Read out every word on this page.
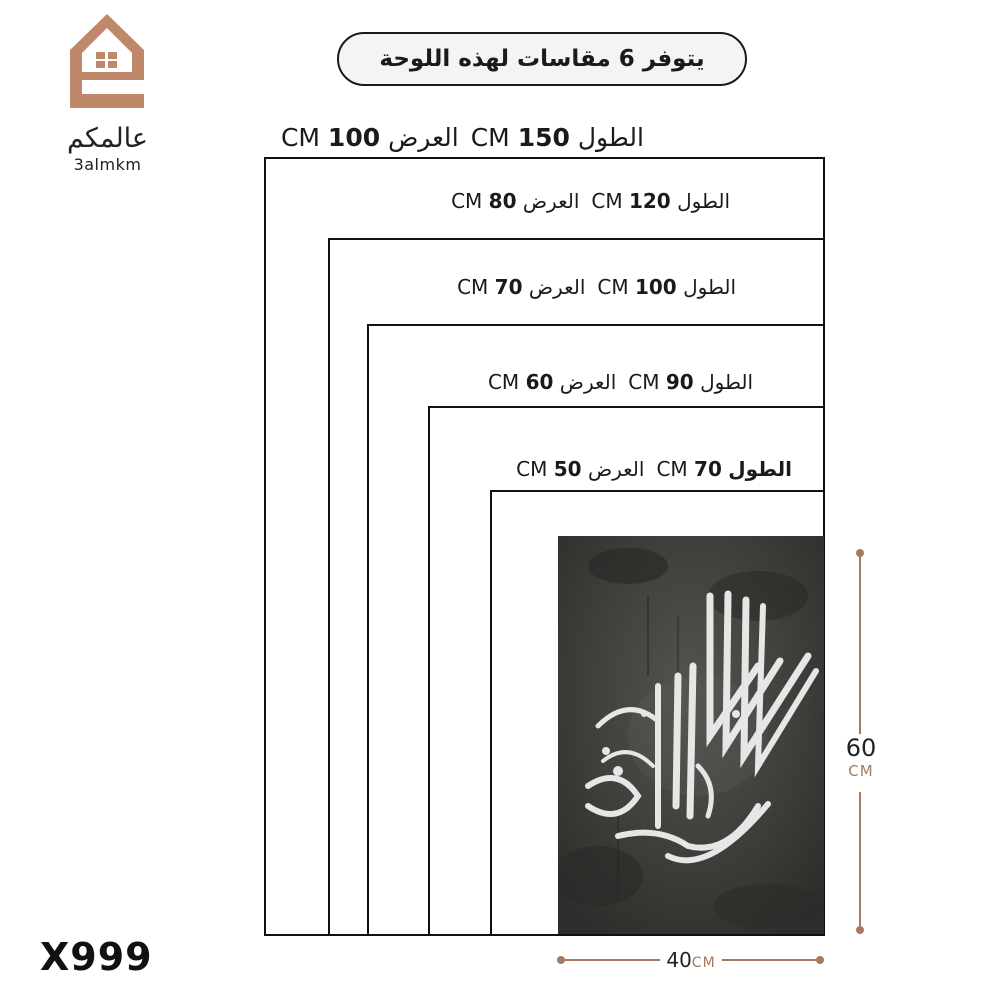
عالمكم
3almkm
يتوفر 6 مقاسات لهذه اللوحة
الطول 150 CMالعرض 100 CM
الطول 120 CMالعرض 80 CM
الطول 100 CMالعرض 70 CM
الطول 90 CMالعرض 60 CM
الطول 70 CMالعرض 50 CM
60
CM
40CM
X999
